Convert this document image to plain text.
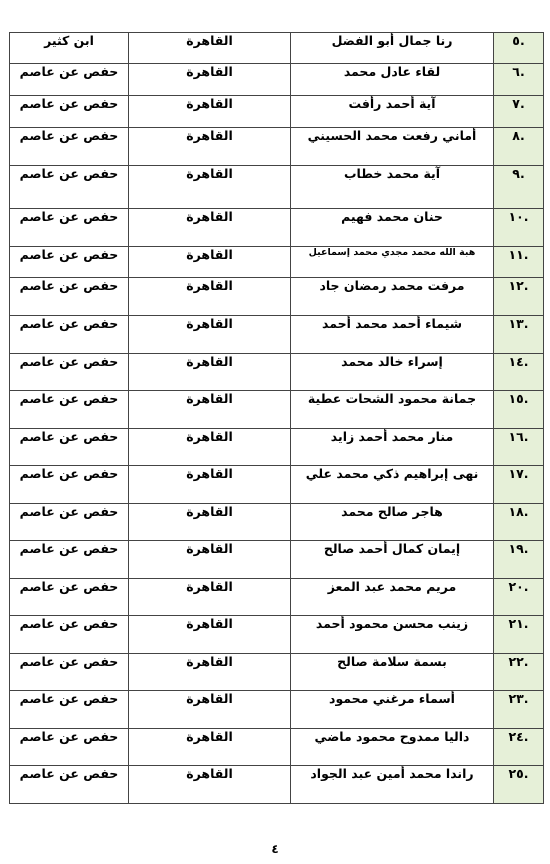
.٥	رنا جمال أبو الفضل	القاهرة	ابن كثير
.٦	لقاء عادل محمد	القاهرة	حفص عن عاصم
.٧	آية أحمد رأفت	القاهرة	حفص عن عاصم
.٨	أماني رفعت محمد الحسيني	القاهرة	حفص عن عاصم
.٩	آية محمد خطاب	القاهرة	حفص عن عاصم
.١٠	حنان محمد فهيم	القاهرة	حفص عن عاصم
.١١	هبة الله محمد مجدي محمد إسماعيل	القاهرة	حفص عن عاصم
.١٢	مرفت محمد رمضان جاد	القاهرة	حفص عن عاصم
.١٣	شيماء أحمد محمد أحمد	القاهرة	حفص عن عاصم
.١٤	إسراء خالد محمد	القاهرة	حفص عن عاصم
.١٥	جمانة محمود الشحات عطية	القاهرة	حفص عن عاصم
.١٦	منار محمد أحمد زايد	القاهرة	حفص عن عاصم
.١٧	نهى إبراهيم ذكي محمد علي	القاهرة	حفص عن عاصم
.١٨	هاجر صالح محمد	القاهرة	حفص عن عاصم
.١٩	إيمان كمال أحمد صالح	القاهرة	حفص عن عاصم
.٢٠	مريم محمد عبد المعز	القاهرة	حفص عن عاصم
.٢١	زينب محسن محمود أحمد	القاهرة	حفص عن عاصم
.٢٢	بسمة سلامة صالح	القاهرة	حفص عن عاصم
.٢٣	أسماء مرغني محمود	القاهرة	حفص عن عاصم
.٢٤	داليا ممدوح محمود ماضي	القاهرة	حفص عن عاصم
.٢٥	راندا محمد أمين عبد الجواد	القاهرة	حفص عن عاصم
٤
